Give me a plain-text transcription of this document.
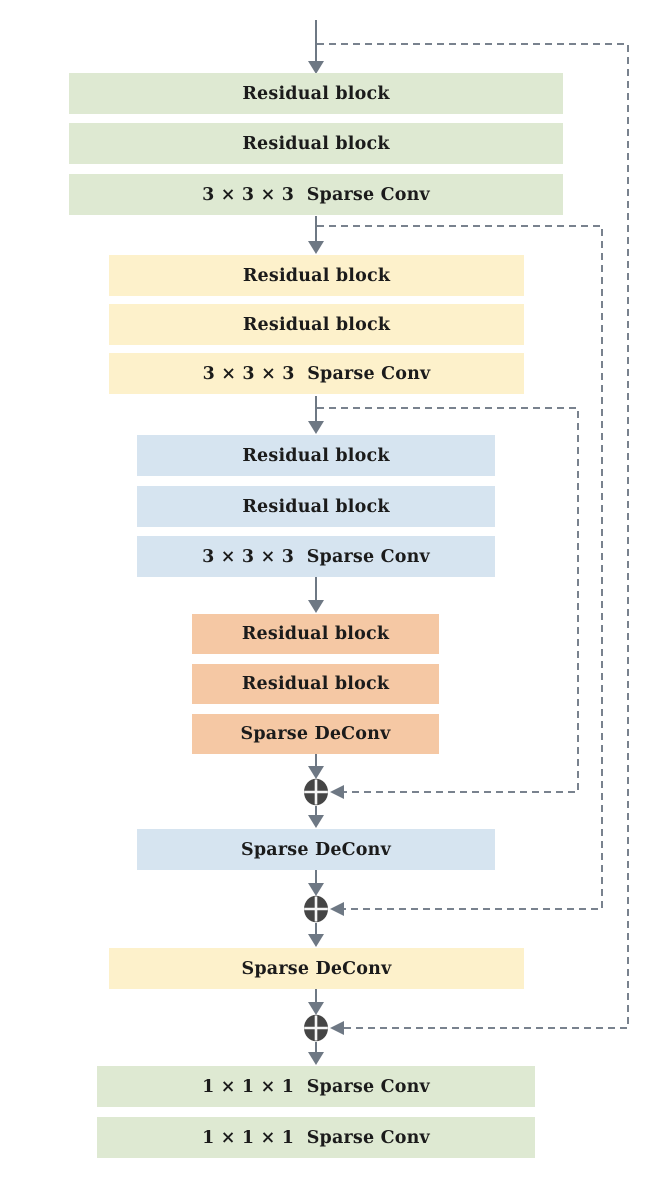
Residual block
Residual block
3 × 3 × 3  Sparse Conv
Residual block
Residual block
3 × 3 × 3  Sparse Conv
Residual block
Residual block
3 × 3 × 3  Sparse Conv
Residual block
Residual block
Sparse DeConv
Sparse DeConv
Sparse DeConv
1 × 1 × 1  Sparse Conv
1 × 1 × 1  Sparse Conv
